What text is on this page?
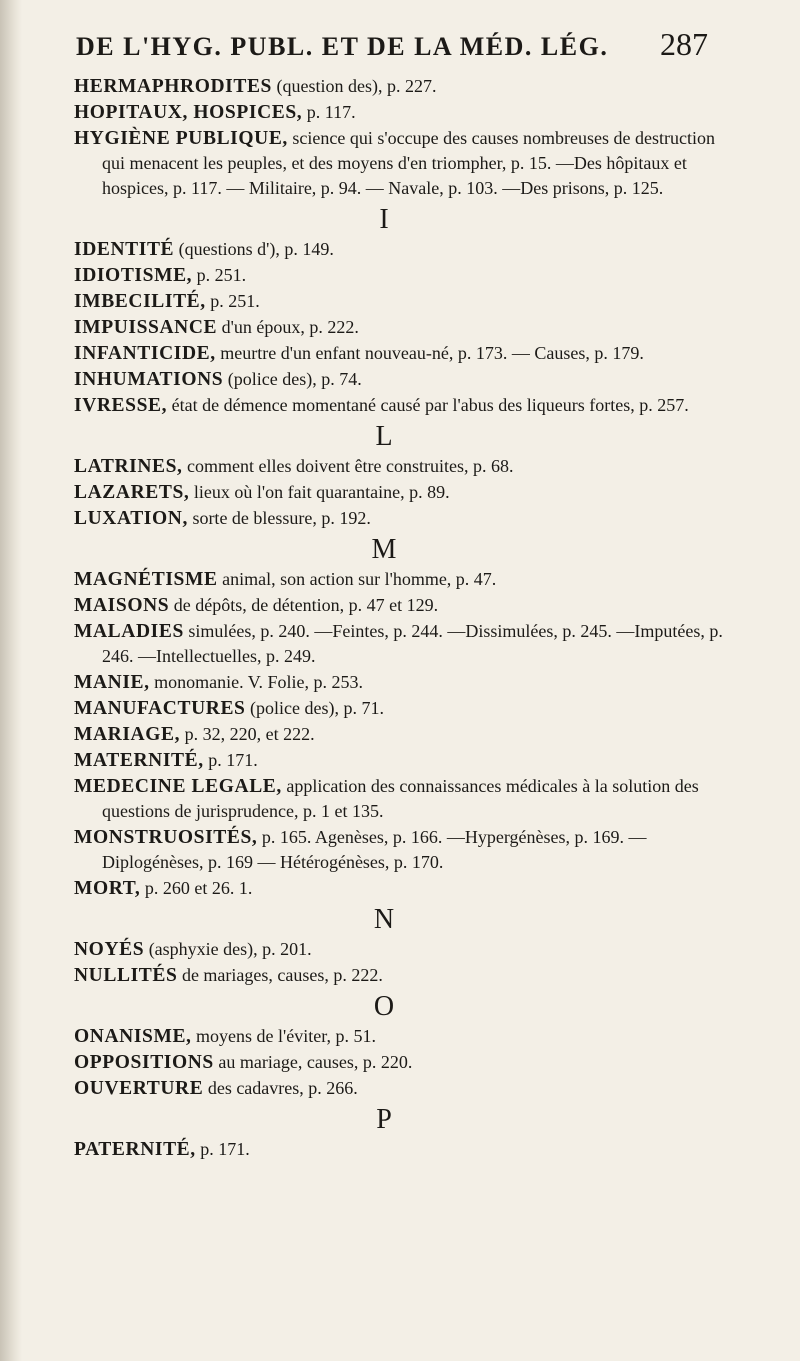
DE L'HYG. PUBL. ET DE LA MÉD. LÉG. 287
HERMAPHRODITES (question des), p. 227.
HOPITAUX, HOSPICES, p. 117.
HYGIÈNE PUBLIQUE, science qui s'occupe des causes nombreuses de destruction qui menacent les peuples, et des moyens d'en triompher, p. 15. —Des hôpitaux et hospices, p. 117. — Militaire, p. 94. — Navale, p. 103. —Des prisons, p. 125.
I
IDENTITÉ (questions d'), p. 149.
IDIOTISME, p. 251.
IMBECILITÉ, p. 251.
IMPUISSANCE d'un époux, p. 222.
INFANTICIDE, meurtre d'un enfant nouveau-né, p. 173. — Causes, p. 179.
INHUMATIONS (police des), p. 74.
IVRESSE, état de démence momentané causé par l'abus des liqueurs fortes, p. 257.
L
LATRINES, comment elles doivent être construites, p. 68.
LAZARETS, lieux où l'on fait quarantaine, p. 89.
LUXATION, sorte de blessure, p. 192.
M
MAGNÉTISME animal, son action sur l'homme, p. 47.
MAISONS de dépôts, de détention, p. 47 et 129.
MALADIES simulées, p. 240. —Feintes, p. 244. —Dissimulées, p. 245. —Imputées, p. 246. —Intellectuelles, p. 249.
MANIE, monomanie. V. Folie, p. 253.
MANUFACTURES (police des), p. 71.
MARIAGE, p. 32, 220, et 222.
MATERNITÉ, p. 171.
MEDECINE LEGALE, application des connaissances médicales à la solution des questions de jurisprudence, p. 1 et 135.
MONSTRUOSITÉS, p. 165. Agenèses, p. 166. —Hypergénèses, p. 169. —Diplogénèses, p. 169 — Hétérogénèses, p. 170.
MORT, p. 260 et 26. 1.
N
NOYÉS (asphyxie des), p. 201.
NULLITÉS de mariages, causes, p. 222.
O
ONANISME, moyens de l'éviter, p. 51.
OPPOSITIONS au mariage, causes, p. 220.
OUVERTURE des cadavres, p. 266.
P
PATERNITÉ, p. 171.
